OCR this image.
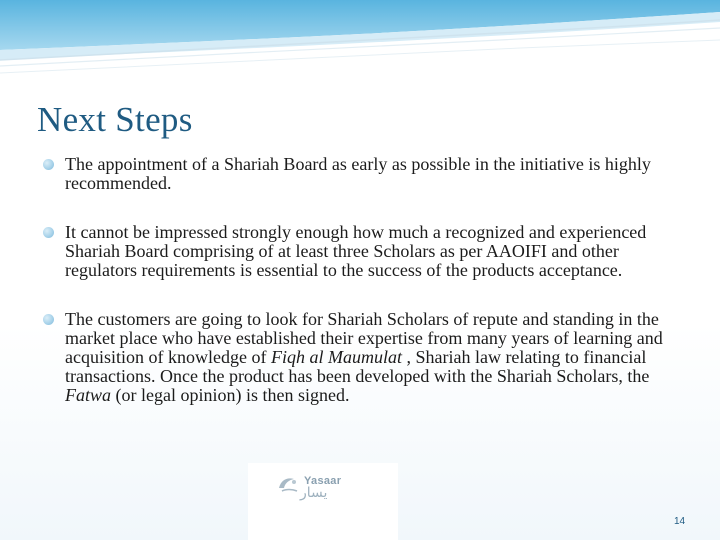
Next Steps
The appointment of a Shariah Board as early as possible in the initiative is highly recommended.
It cannot be impressed strongly enough how much a recognized and experienced Shariah Board comprising of at least three Scholars as per AAOIFI and other regulators requirements is essential to the success of the products acceptance.
The customers are going to look for Shariah Scholars of repute and standing in the market place who have established their expertise from many years of learning and acquisition of knowledge of Fiqh al Maumulat , Shariah law relating to financial transactions. Once the product has been developed with the Shariah Scholars, the Fatwa (or legal opinion) is then signed.
Yasaar
يسار
14
